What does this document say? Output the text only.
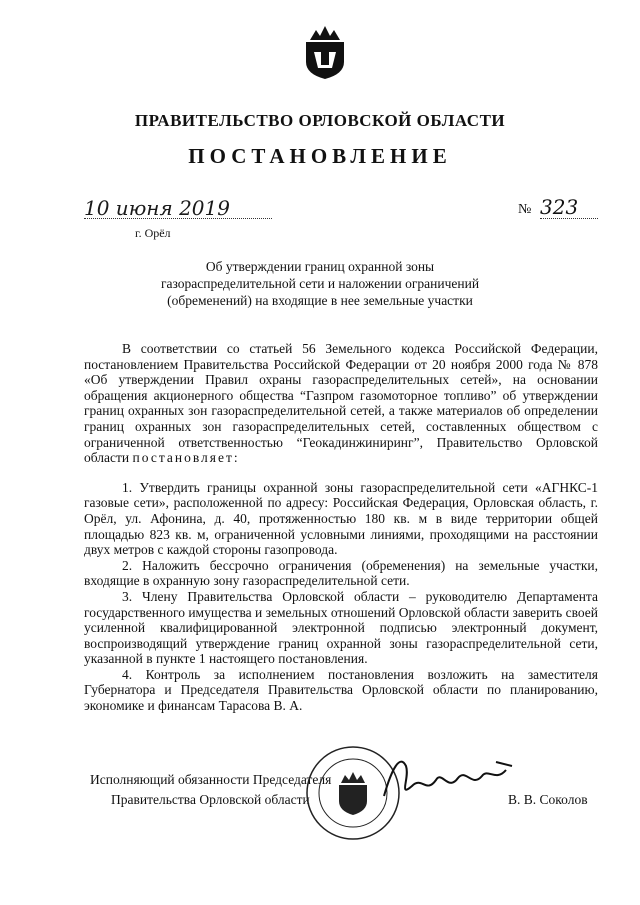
ПРАВИТЕЛЬСТВО ОРЛОВСКОЙ ОБЛАСТИ
ПОСТАНОВЛЕНИЕ
10 июня 2019
г. Орёл
№ 323
Об утверждении границ охранной зоны
газораспределительной сети и наложении ограничений
(обременений) на входящие в нее земельные участки

В соответствии со статьей 56 Земельного кодекса Российской Федерации, постановлением Правительства Российской Федерации от 20 ноября 2000 года № 878 «Об утверждении Правил охраны газораспределительных сетей», на основании обращения акционерного общества “Газпром газомоторное топливо” об утверждении границ охранных зон газораспределительной сетей, а также материалов об определении границ охранных зон газораспределительных сетей, составленных обществом с ограниченной ответственностью “Геокадинжиниринг”, Правительство Орловской области постановляет:

1. Утвердить границы охранной зоны газораспределительной сети «АГНКС-1 газовые сети», расположенной по адресу: Российская Федерация, Орловская область, г. Орёл, ул. Афонина, д. 40, протяженностью 180 кв. м в виде территории общей площадью 823 кв. м, ограниченной условными линиями, проходящими на расстоянии двух метров с каждой стороны газопровода.

2. Наложить бессрочно ограничения (обременения) на земельные участки, входящие в охранную зону газораспределительной сети.

3. Члену Правительства Орловской области – руководителю Департамента государственного имущества и земельных отношений Орловской области заверить своей усиленной квалифицированной электронной подписью электронный документ, воспроизводящий утверждение границ охранной зоны газораспределительной сети, указанной в пункте 1 настоящего постановления.

4. Контроль за исполнением постановления возложить на заместителя Губернатора и Председателя Правительства Орловской области по планированию, экономике и финансам Тарасова В. А.

Исполняющий обязанности Председателя
Правительства Орловской области	В. В. Соколов
